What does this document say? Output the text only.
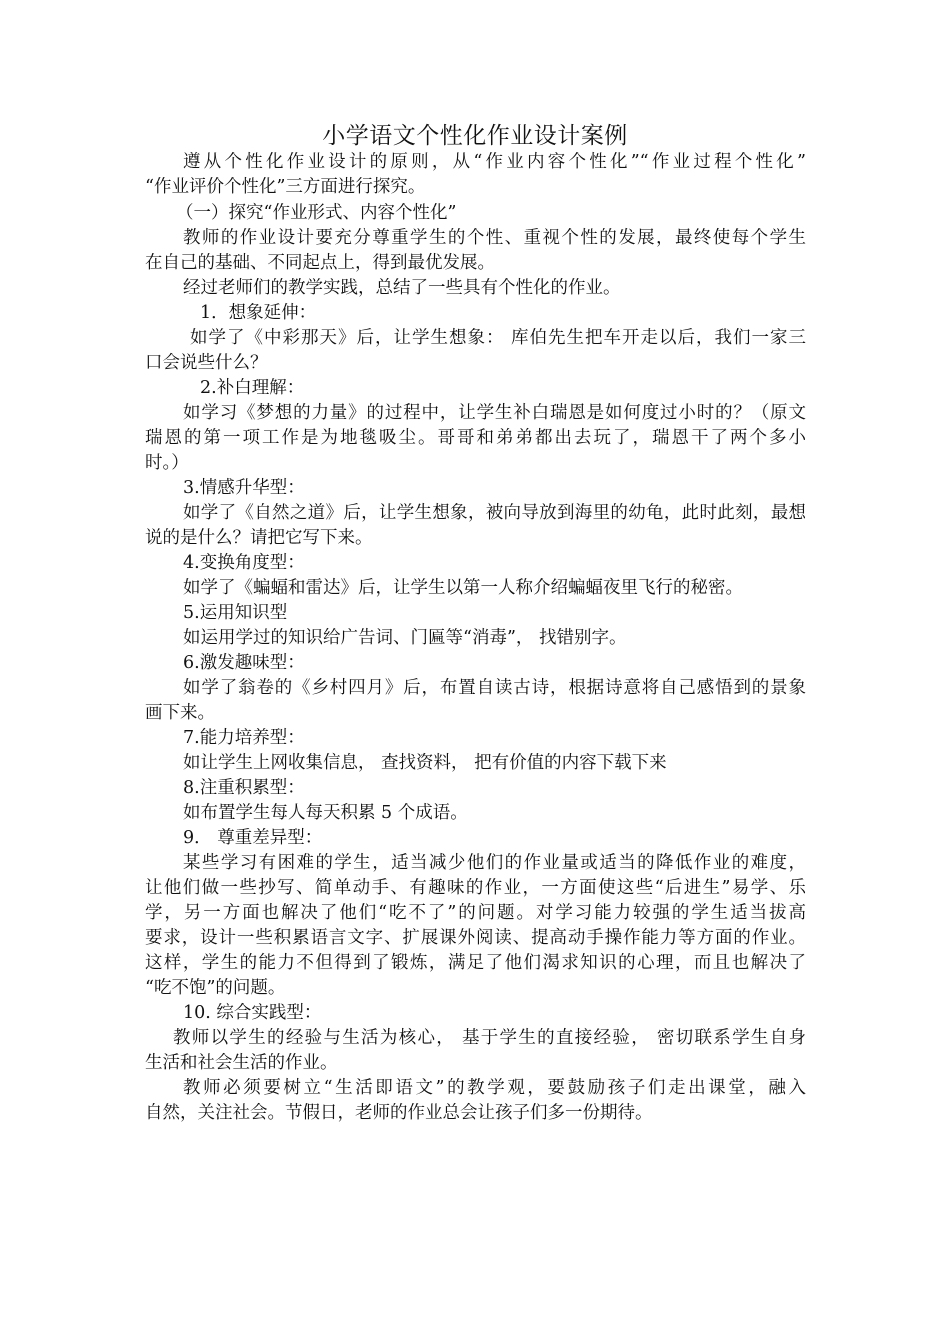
小学语文个性化作业设计案例
遵从个性化作业设计的原则，从“作业内容个性化”“作业过程个性化”
“作业评价个性化”三方面进行探究。
（一）探究“作业形式、内容个性化”
教师的作业设计要充分尊重学生的个性、重视个性的发展，最终使每个学生
在自己的基础、不同起点上，得到最优发展。
经过老师们的教学实践，总结了一些具有个性化的作业。
1．想象延伸：
如学了《中彩那天》后，让学生想象： 库伯先生把车开走以后，我们一家三
口会说些什么？
2.补白理解：
如学习《梦想的力量》的过程中，让学生补白瑞恩是如何度过小时的？（原文
瑞恩的第一项工作是为地毯吸尘。哥哥和弟弟都出去玩了，瑞恩干了两个多小
时。）
3.情感升华型：
如学了《自然之道》后，让学生想象，被向导放到海里的幼龟，此时此刻，最想
说的是什么？请把它写下来。
4.变换角度型：
如学了《蝙蝠和雷达》后，让学生以第一人称介绍蝙蝠夜里飞行的秘密。
5.运用知识型
如运用学过的知识给广告词、门匾等“消毒”， 找错别字。
6.激发趣味型：
如学了翁卷的《乡村四月》后，布置自读古诗，根据诗意将自己感悟到的景象
画下来。
7.能力培养型：
如让学生上网收集信息， 查找资料， 把有价值的内容下载下来
8.注重积累型：
如布置学生每人每天积累 5 个成语。
9． 尊重差异型：
某些学习有困难的学生，适当减少他们的作业量或适当的降低作业的难度，
让他们做一些抄写、简单动手、有趣味的作业，一方面使这些“后进生”易学、乐
学，另一方面也解决了他们“吃不了”的问题。对学习能力较强的学生适当拔高
要求，设计一些积累语言文字、扩展课外阅读、提高动手操作能力等方面的作业。
这样，学生的能力不但得到了锻炼，满足了他们渴求知识的心理，而且也解决了
“吃不饱”的问题。
10. 综合实践型：
教师以学生的经验与生活为核心， 基于学生的直接经验， 密切联系学生自身
生活和社会生活的作业。
教师必须要树立“生活即语文”的教学观，要鼓励孩子们走出课堂，融入
自然，关注社会。节假日，老师的作业总会让孩子们多一份期待。
